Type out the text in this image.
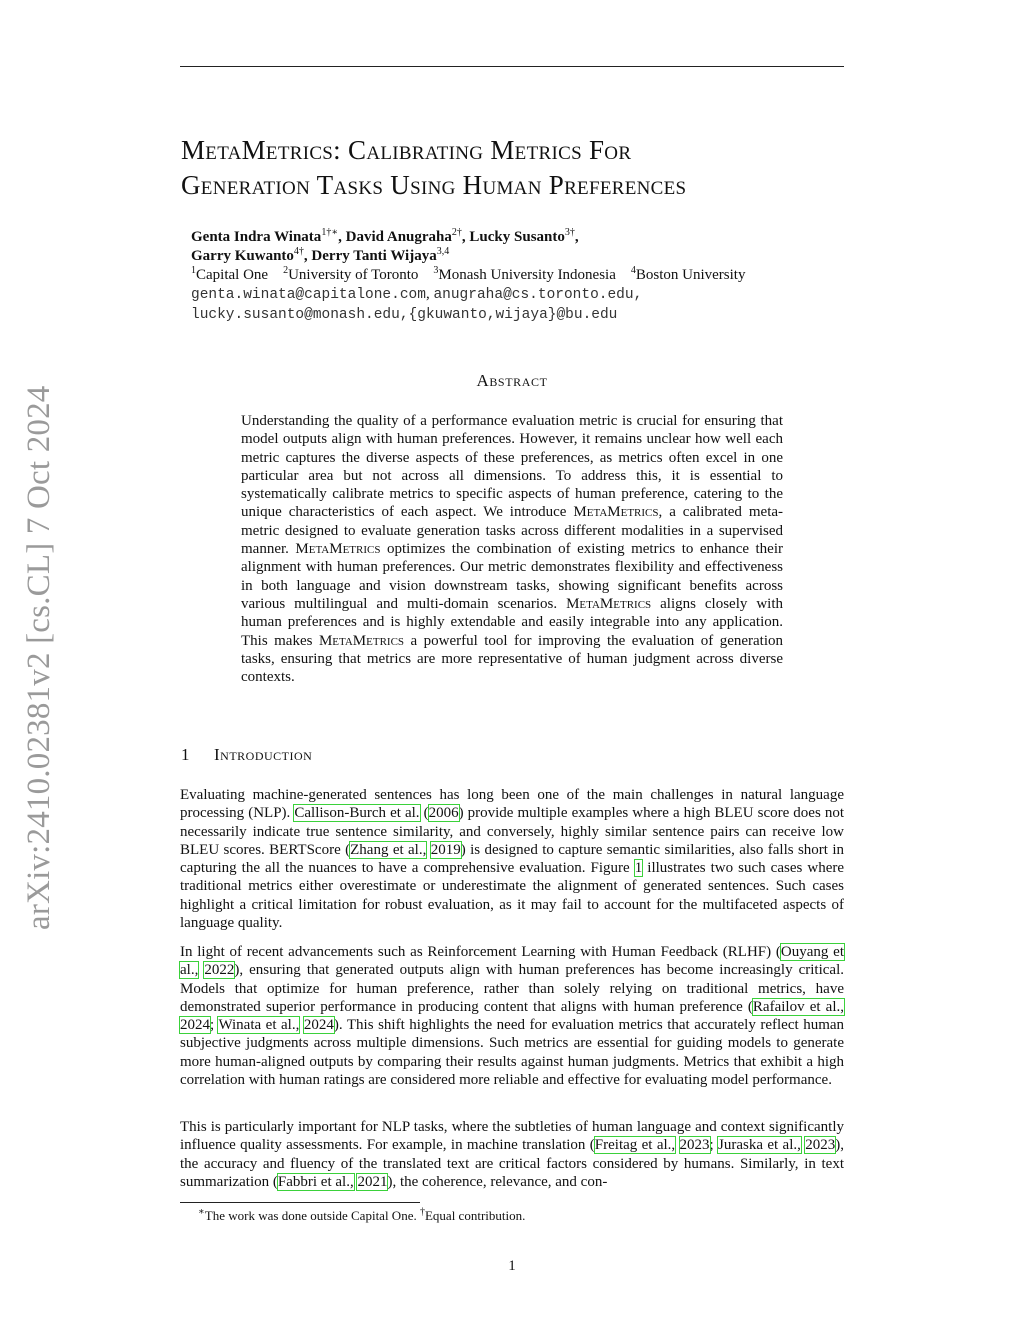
arXiv:2410.02381v2 [cs.CL] 7 Oct 2024
MetaMetrics: Calibrating Metrics For
Generation Tasks Using Human Preferences
Genta Indra Winata$^{1\dagger∗}$, David Anugraha$^{2\dagger}$, Lucky Susanto$^{3\dagger}$,
Garry Kuwanto$^{4\dagger}$, Derry Tanti Wijaya$^{3,4}$
$^1$Capital One $^2$University of Toronto $^3$Monash University Indonesia $^4$Boston University
genta.winata@capitalone.com, anugraha@cs.toronto.edu,
lucky.susanto@monash.edu,{gkuwanto,wijaya}@bu.edu
Abstract
Understanding the quality of a performance evaluation metric is crucial for ensuring that model outputs align with human preferences. However, it remains unclear how well each metric captures the diverse aspects of these preferences, as metrics often excel in one particular area but not across all dimensions. To address this, it is essential to systematically calibrate metrics to specific aspects of human preference, catering to the unique characteristics of each aspect. We introduce MetaMetrics, a calibrated meta-metric designed to evaluate generation tasks across different modalities in a supervised manner. MetaMetrics optimizes the combination of existing metrics to enhance their alignment with human preferences. Our metric demonstrates flexibility and effectiveness in both language and vision downstream tasks, showing significant benefits across various multilingual and multi-domain scenarios. MetaMetrics aligns closely with human preferences and is highly extendable and easily integrable into any application. This makes MetaMetrics a powerful tool for improving the evaluation of generation tasks, ensuring that metrics are more representative of human judgment across diverse contexts.
1 Introduction
Evaluating machine-generated sentences has long been one of the main challenges in natural language processing (NLP). Callison-Burch et al. (2006) provide multiple examples where a high BLEU score does not necessarily indicate true sentence similarity, and conversely, highly similar sentence pairs can receive low BLEU scores. BERTScore (Zhang et al., 2019) is designed to capture semantic similarities, also falls short in capturing the all the nuances to have a comprehensive evaluation. Figure 1 illustrates two such cases where traditional metrics either overestimate or underestimate the alignment of generated sentences. Such cases highlight a critical limitation for robust evaluation, as it may fail to account for the multifaceted aspects of language quality.
In light of recent advancements such as Reinforcement Learning with Human Feedback (RLHF) (Ouyang et al., 2022), ensuring that generated outputs align with human preferences has become increasingly critical. Models that optimize for human preference, rather than solely relying on traditional metrics, have demonstrated superior performance in producing content that aligns with human preference (Rafailov et al., 2024; Winata et al., 2024). This shift highlights the need for evaluation metrics that accurately reflect human subjective judgments across multiple dimensions. Such metrics are essential for guiding models to generate more human-aligned outputs by comparing their results against human judgments. Metrics that exhibit a high correlation with human ratings are considered more reliable and effective for evaluating model performance.
This is particularly important for NLP tasks, where the subtleties of human language and context significantly influence quality assessments. For example, in machine translation (Freitag et al., 2023; Juraska et al., 2023), the accuracy and fluency of the translated text are critical factors considered by humans. Similarly, in text summarization (Fabbri et al., 2021), the coherence, relevance, and con-
∗The work was done outside Capital One. †Equal contribution.
1
